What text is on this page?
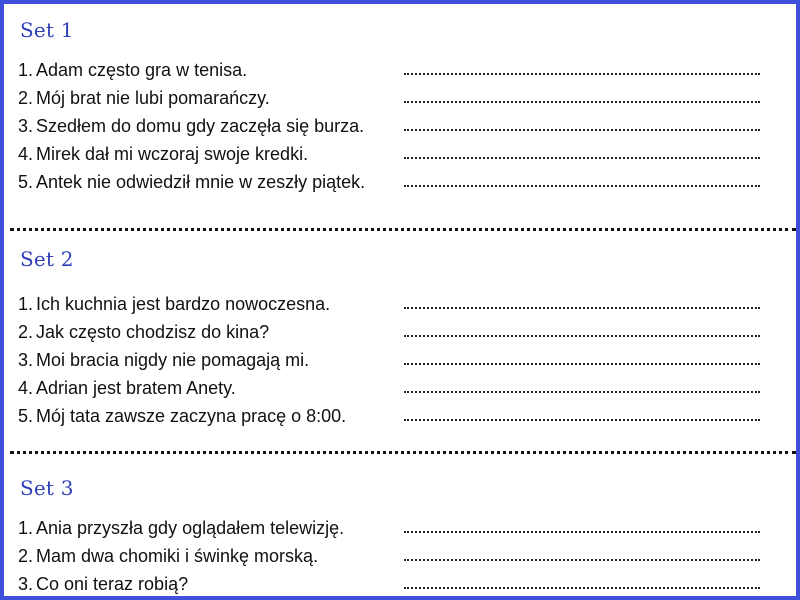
Set 1
1. Adam często gra w tenisa.
2. Mój brat nie lubi pomarańczy.
3. Szedłem do domu gdy zaczęła się burza.
4. Mirek dał mi wczoraj swoje kredki.
5. Antek nie odwiedził mnie w zeszły piątek.
Set 2
1. Ich kuchnia jest bardzo nowoczesna.
2. Jak często chodzisz do kina?
3. Moi bracia nigdy nie pomagają mi.
4. Adrian jest bratem Anety.
5. Mój tata zawsze zaczyna pracę o 8:00.
Set 3
1. Ania przyszła gdy oglądałem telewizję.
2. Mam dwa chomiki i świnkę morską.
3. Co oni teraz robią?
